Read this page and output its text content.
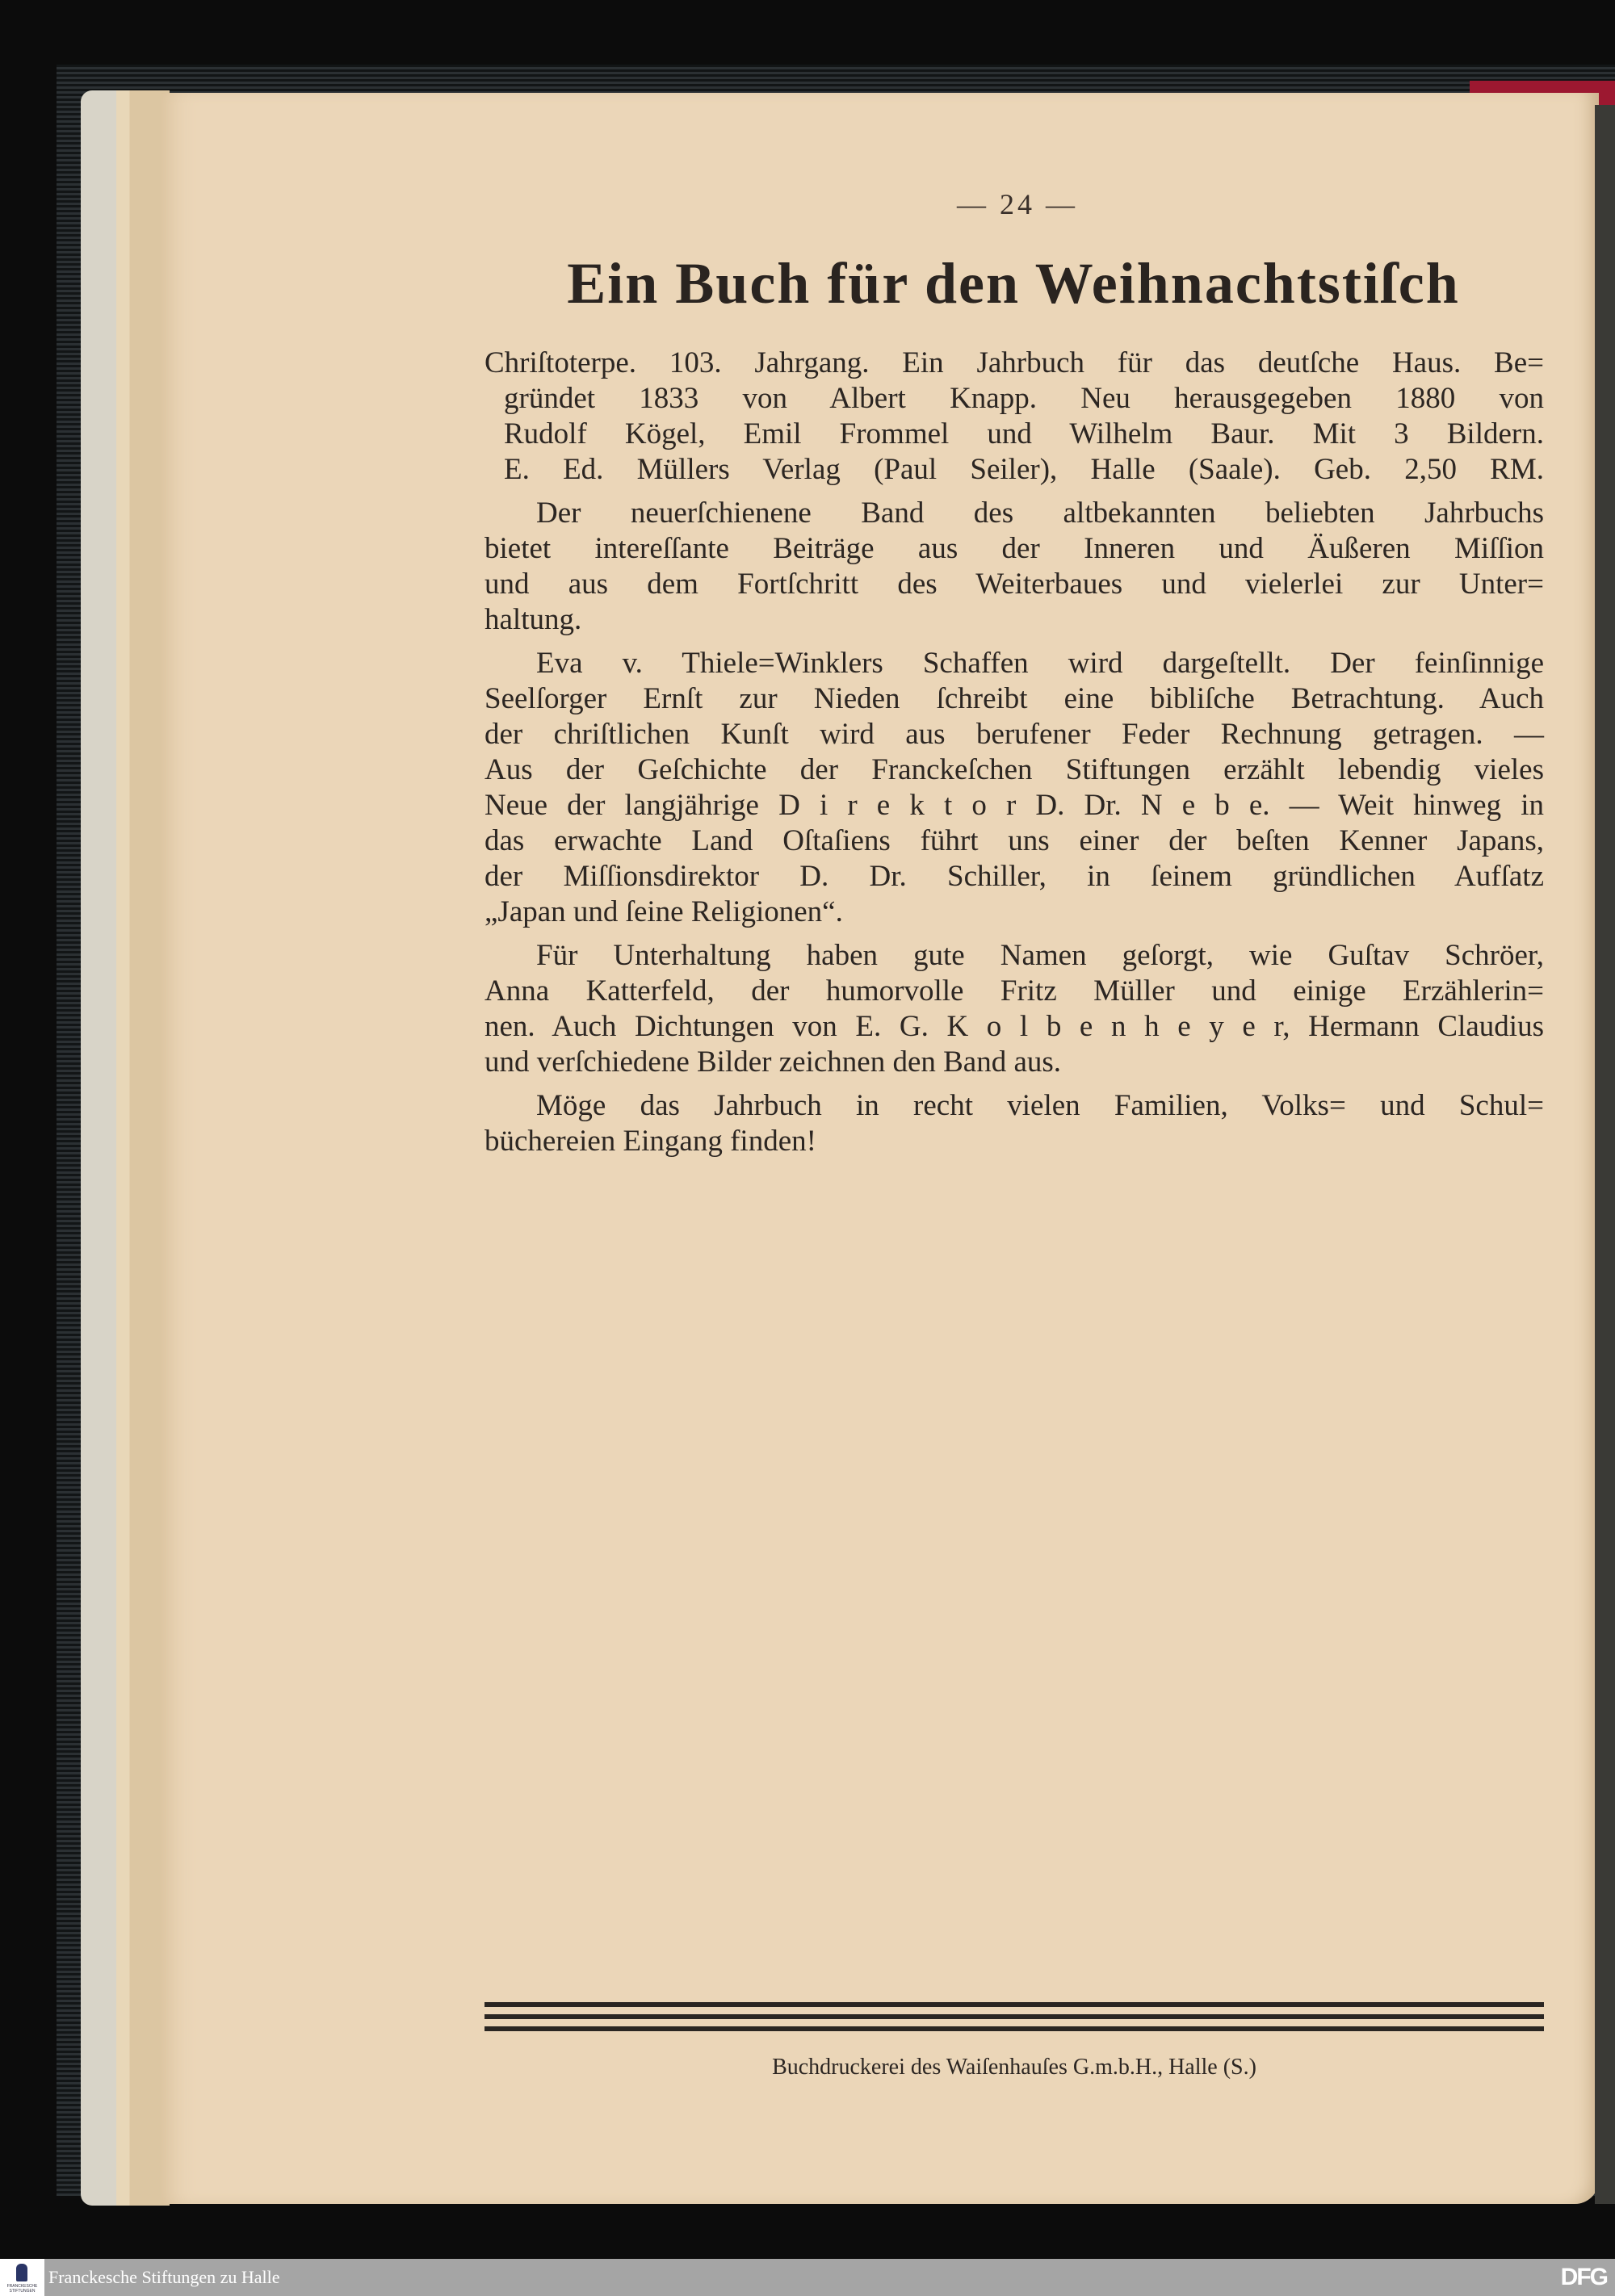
— 24 —
Ein Buch für den Weihnachtstiſch
Chriſtoterpe. 103. Jahrgang. Ein Jahrbuch für das deutſche Haus. Be=
gründet 1833 von Albert Knapp. Neu herausgegeben 1880 von
Rudolf Kögel, Emil Frommel und Wilhelm Baur. Mit 3 Bildern.
E. Ed. Müllers Verlag (Paul Seiler), Halle (Saale). Geb. 2,50 RM.
Der neuerſchienene Band des altbekannten beliebten Jahrbuchs
bietet intereſſante Beiträge aus der Inneren und Äußeren Miſſion
und aus dem Fortſchritt des Weiterbaues und vielerlei zur Unter=
haltung.
Eva v. Thiele=Winklers Schaffen wird dargeſtellt. Der feinſinnige
Seelſorger Ernſt zur Nieden ſchreibt eine bibliſche Betrachtung. Auch
der chriſtlichen Kunſt wird aus berufener Feder Rechnung getragen. —
Aus der Geſchichte der Franckeſchen Stiftungen erzählt lebendig vieles
Neue der langjährige D i r e k t o r D. Dr. N e b e. — Weit hinweg in
das erwachte Land Oſtaſiens führt uns einer der beſten Kenner Japans,
der Miſſionsdirektor D. Dr. Schiller, in ſeinem gründlichen Aufſatz
„Japan und ſeine Religionen“.
Für Unterhaltung haben gute Namen geſorgt, wie Guſtav Schröer,
Anna Katterfeld, der humorvolle Fritz Müller und einige Erzählerin=
nen. Auch Dichtungen von E. G. K o l b e n h e y e r, Hermann Claudius
und verſchiedene Bilder zeichnen den Band aus.
Möge das Jahrbuch in recht vielen Familien, Volks= und Schul=
büchereien Eingang finden!
Buchdruckerei des Waiſenhauſes G.m.b.H., Halle (S.)
FRANCKESCHE STIFTUNGEN
Franckesche Stiftungen zu Halle	DFG
